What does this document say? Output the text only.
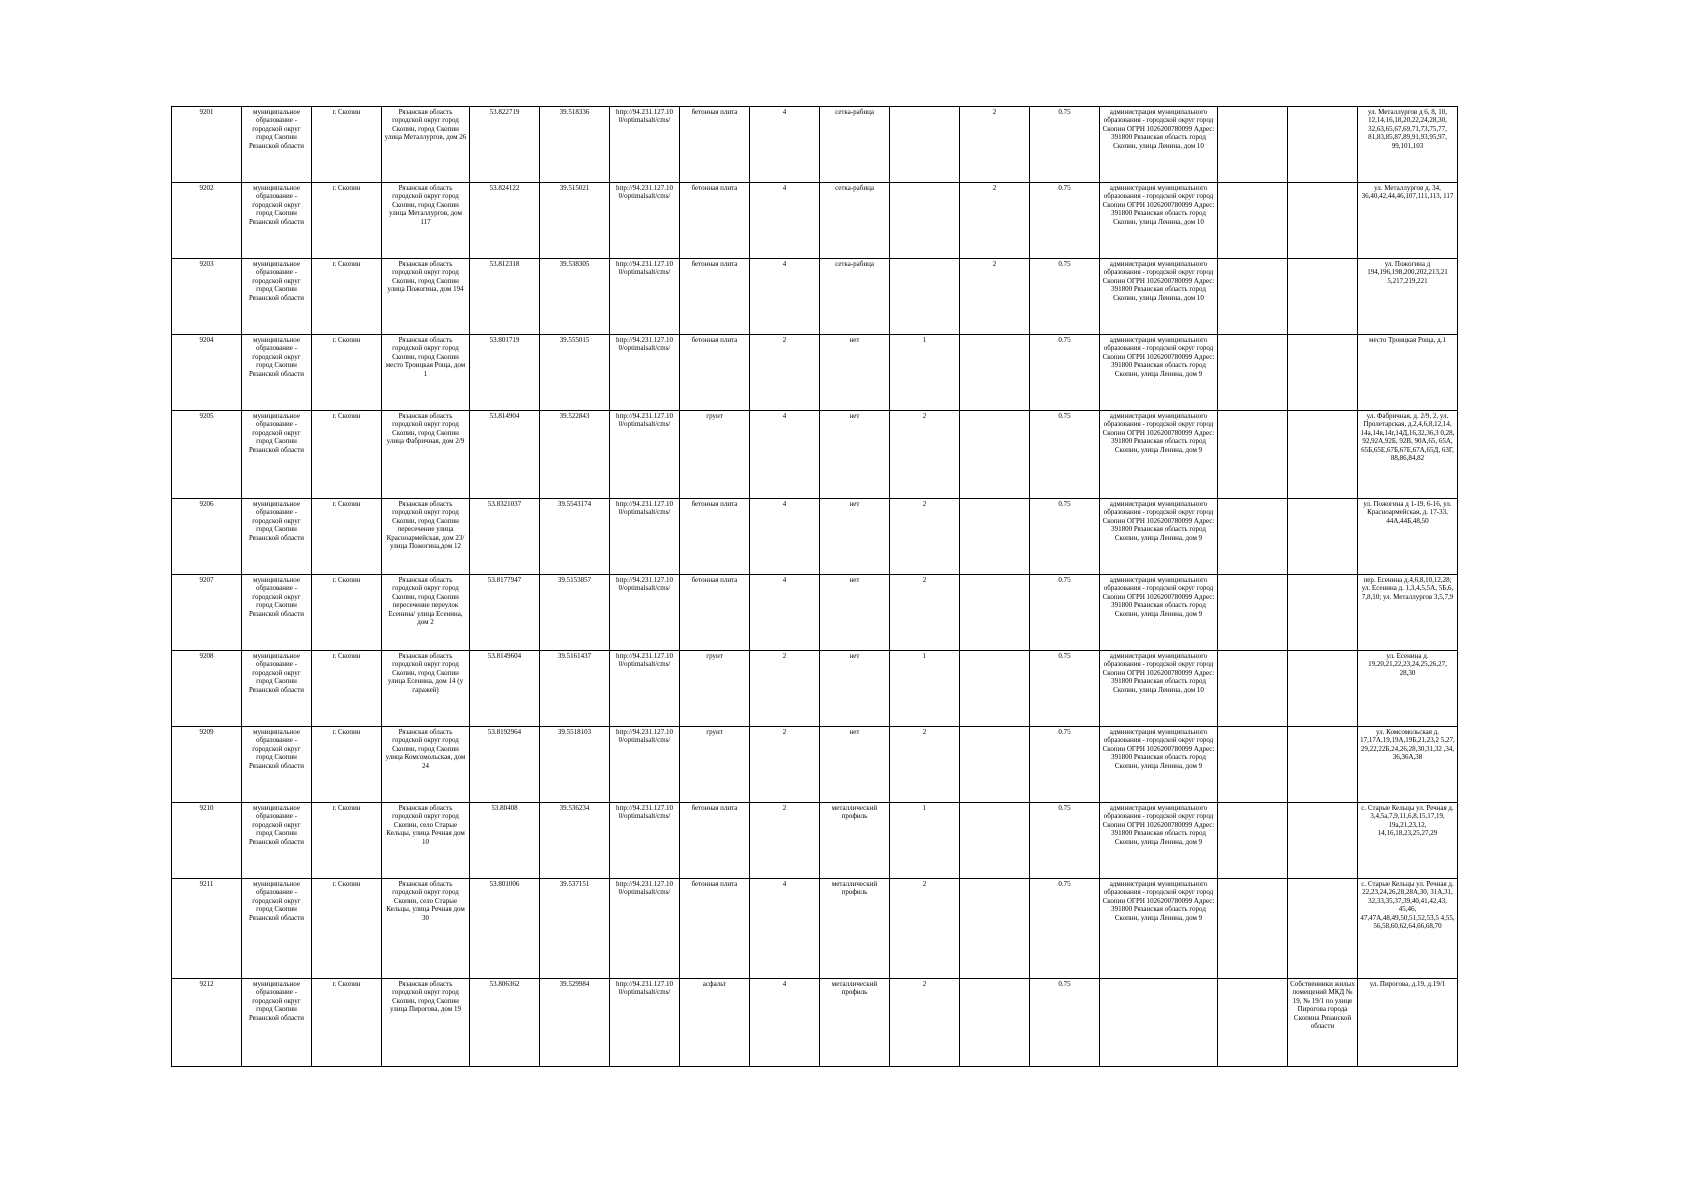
9201	муниципальное образование - городской округ город Скопин Рязанской области	г. Скопин	Рязанская область городской округ город Скопин, город Скопин улица Металлургов, дом 26	53.822719	39.518336	http://94.231.127.10 0/optimalsalt/cms/	бетонная плита	4	сетка-рабица		2	0.75	администрация муниципального образования - городской округ город Скопин ОГРН 1026200780099 Адрес: 391800 Рязанская область город Скопин, улица Ленина, дом 10			ул. Металлургов д 6, 8, 10, 12,14,16,18,20,22,24,28,30, 32,63,65,67,69,71,73,75,77, 81,83,85,87,89,91,93,95,97, 99,101,103
9202	муниципальное образование - городской округ город Скопин Рязанской области	г. Скопин	Рязанская область городской округ город Скопин, город Скопин улица Металлургов, дом 117	53.824122	39.515021	http://94.231.127.10 0/optimalsalt/cms/	бетонная плита	4	сетка-рабица		2	0.75	администрация муниципального образования - городской округ город Скопин ОГРН 1026200780099 Адрес: 391800 Рязанская область город Скопин, улица Ленина, дом 10			ул. Металлургов д. 34, 36,40,42,44,46,107,111,113, 117
9203	муниципальное образование - городской округ город Скопин Рязанской области	г. Скопин	Рязанская область городской округ город Скопин, город Скопин улица Пожогина, дом 194	53.812318	39.538305	http://94.231.127.10 0/optimalsalt/cms/	бетонная плита	4	сетка-рабица		2	0.75	администрация муниципального образования - городской округ город Скопин ОГРН 1026200780099 Адрес: 391800 Рязанская область город Скопин, улица Ленина, дом 10			ул. Пожогина д 194,196,198,200,202,213,21 5,217,219,221
9204	муниципальное образование - городской округ город Скопин Рязанской области	г. Скопин	Рязанская область городской округ город Скопин, город Скопин место Троицкая Роща, дом 1	53.801719	39.555015	http://94.231.127.10 0/optimalsalt/cms/	бетонная плита	2	нет	1		0.75	администрация муниципального образования - городской округ город Скопин ОГРН 1026200780099 Адрес: 391800 Рязанская область город Скопин, улица Ленина, дом 9			место Троицкая Роща, д.1
9205	муниципальное образование - городской округ город Скопин Рязанской области	г. Скопин	Рязанская область городской округ город Скопин, город Скопин улица Фабричная, дом 2/9	53.814904	39.522843	http://94.231.127.10 0/optimalsalt/cms/	грунт	4	нет	2		0.75	администрация муниципального образования - городской округ город Скопин ОГРН 1026200780099 Адрес: 391800 Рязанская область город Скопин, улица Ленина, дом 9			ул. Фабричная, д. 2/9, 2, ул. Пролетарская, д.2,4,6,8,12,14, 14а,14в,14г,14Д,16,32,36,3 0,28, 92,92А,92Б, 92В, 90А,65, 65А, 65Б,65Е,67Б,67Е,67А,65Д, 63Г, 88,86,84,82
9206	муниципальное образование - городской округ город Скопин Рязанской области	г. Скопин	Рязанская область городской округ город Скопин, город Скопин пересечение улица Красноармейская, дом 23/улица Пожогина,дом 12	53.8321037	39.5543174	http://94.231.127.10 0/optimalsalt/cms/	бетонная плита	4	нет	2		0.75	администрация муниципального образования - городской округ город Скопин ОГРН 1026200780099 Адрес: 391800 Рязанская область город Скопин, улица Ленина, дом 9			ул. Пожогина д 1-19, 6-16, ул. Красноармейская, д. 17-33, 44А,44Б,48,50
9207	муниципальное образование - городской округ город Скопин Рязанской области	г. Скопин	Рязанская область городской округ город Скопин, город Скопин пересечение переулок Есенина/ улица Есенина, дом 2	53.8177947	39.5153857	http://94.231.127.10 0/optimalsalt/cms/	бетонная плита	4	нет	2		0.75	администрация муниципального образования - городской округ город Скопин ОГРН 1026200780099 Адрес: 391800 Рязанская область город Скопин, улица Ленина, дом 9			пер. Есенина д.4,6,8,10,12,28; ул. Есенина д. 1,3,4,5,5А, 5Б,6, 7,8,10; ул. Металлургов 3,5,7,9
9208	муниципальное образование - городской округ город Скопин Рязанской области	г. Скопин	Рязанская область городской округ город Скопин, город Скопин улица Есенина, дом 14 (у гаражей)	53.8149604	39.5161437	http://94.231.127.10 0/optimalsalt/cms/	грунт	2	нет	1		0.75	администрация муниципального образования - городской округ город Скопин ОГРН 1026200780099 Адрес: 391800 Рязанская область город Скопин, улица Ленина, дом 10			ул. Есенина д. 19,20,21,22,23,24,25,26,27, 28,30
9209	муниципальное образование - городской округ город Скопин Рязанской области	г. Скопин	Рязанская область городской округ город Скопин, город Скопин улица Комсомольская, дом 24	53.8192964	39.5518103	http://94.231.127.10 0/optimalsalt/cms/	грунт	2	нет	2		0.75	администрация муниципального образования - городской округ город Скопин ОГРН 1026200780099 Адрес: 391800 Рязанская область город Скопин, улица Ленина, дом 9			ул. Комсомольская д. 17,17А,19,19А,19Б,21,23,2 5,27, 29,22,22Б,24,26,28,30,31,32 ,34, 36,36А,38
9210	муниципальное образование - городской округ город Скопин Рязанской области	г. Скопин	Рязанская область городской округ город Скопин, село Старые Кельцы, улица Речная дом 10	53.80408	39.536234	http://94.231.127.10 0/optimalsalt/cms/	бетонная плита	2	металлический профиль	1		0.75	администрация муниципального образования - городской округ город Скопин ОГРН 1026200780099 Адрес: 391800 Рязанская область город Скопин, улица Ленина, дом 9			с. Старые Кельцы ул. Речная д. 3,4,5а,7,9,11,6,8,15,17,19, 19а,21,23,12, 14,16,18,23,25,27,29
9211	муниципальное образование - городской округ город Скопин Рязанской области	г. Скопин	Рязанская область городской округ город Скопин, село Старые Кельцы, улица Речная дом 30	53.801006	39.537151	http://94.231.127.10 0/optimalsalt/cms/	бетонная плита	4	металлический профиль	2		0.75	администрация муниципального образования - городской округ город Скопин ОГРН 1026200780099 Адрес: 391800 Рязанская область город Скопин, улица Ленина, дом 9			с. Старые Кельцы ул. Речная д. 22,23,24,26,28,28А,30, 31А,31, 32,33,35,37,39,40,41,42,43, 45,46, 47,47А,48,49,50,51,52,53,5 4,55, 56,58,60,62,64,66,68,70
9212	муниципальное образование - городской округ город Скопин Рязанской области	г. Скопин	Рязанская область городской округ город Скопин, город Скопин улица Пирогова, дом 19	53.806362	39.529984	http://94.231.127.10 0/optimalsalt/cms/	асфальт	4	металлический профиль	2		0.75			Собственники жилых помещений МКД № 19, № 19/1 по улице Пирогова города Скопина Рязанской области	ул. Пирогова, д.19, д.19/1
